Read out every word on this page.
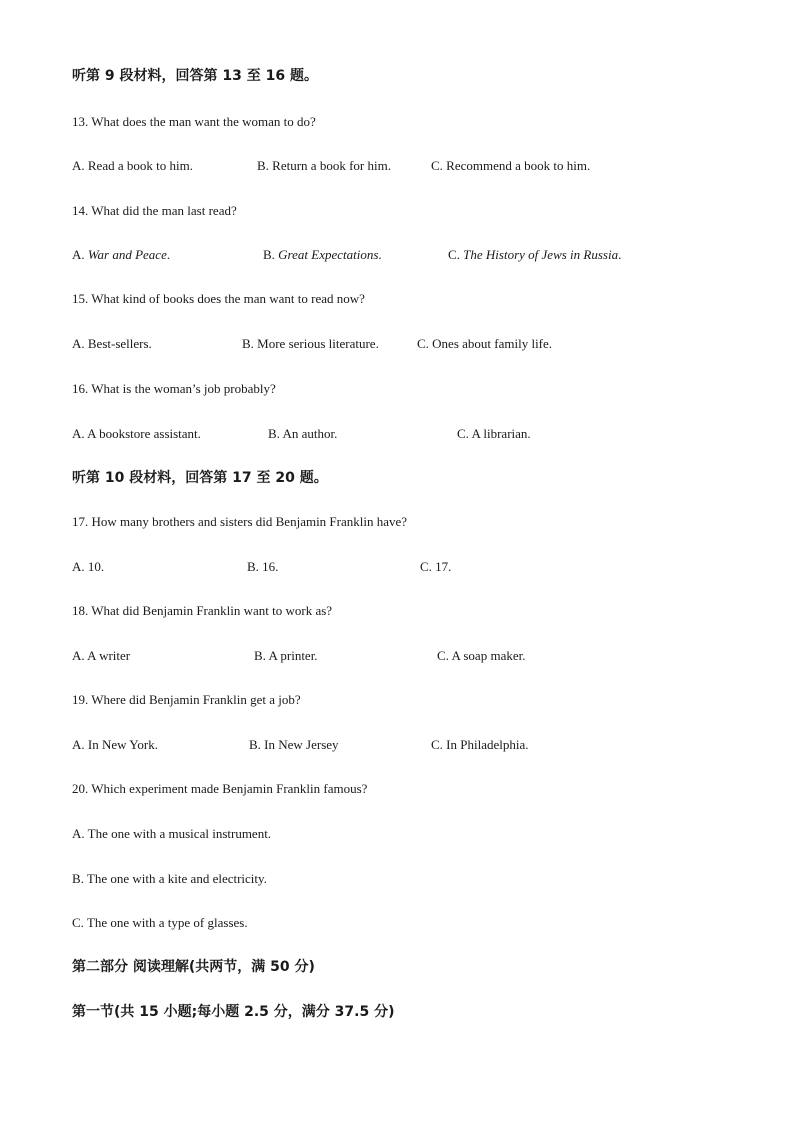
听第 9 段材料，回答第 13 至 16 题。
13. What does the man want the woman to do?
A. Read a book to him.	B. Return a book for him.	C. Recommend a book to him.
14. What did the man last read?
A. War and Peace.	B. Great Expectations.	C. The History of Jews in Russia.
15. What kind of books does the man want to read now?
A. Best-sellers.	B. More serious literature.	C. Ones about family life.
16. What is the woman’s job probably?
A. A bookstore assistant.	B. An author.	C. A librarian.
听第 10 段材料，回答第 17 至 20 题。
17. How many brothers and sisters did Benjamin Franklin have?
A. 10.	B. 16.	C. 17.
18. What did Benjamin Franklin want to work as?
A. A writer	B. A printer.	C. A soap maker.
19. Where did Benjamin Franklin get a job?
A. In New York.	B. In New Jersey	C. In Philadelphia.
20. Which experiment made Benjamin Franklin famous?
A. The one with a musical instrument.
B. The one with a kite and electricity.
C. The one with a type of glasses.
第二部分 阅读理解(共两节，满 50 分)
第一节(共 15 小题;每小题 2.5 分，满分 37.5 分)
